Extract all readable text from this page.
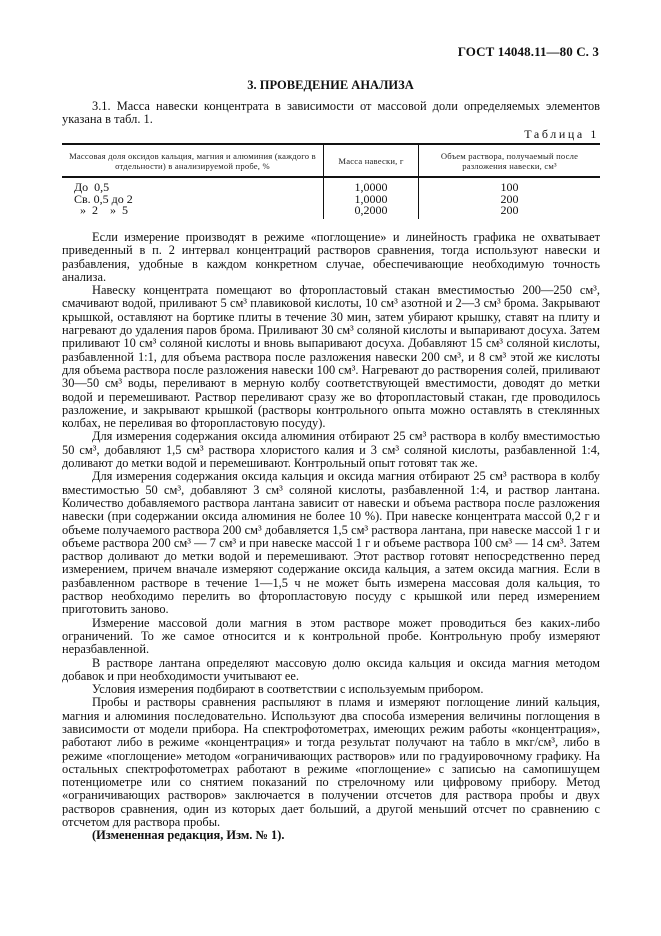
ГОСТ 14048.11—80 С. 3
3. ПРОВЕДЕНИЕ АНАЛИЗА

3.1. Масса навески концентрата в зависимости от массовой доли определяемых элементов указана в табл. 1.

Таблица 1
Массовая доля оксидов кальция, магния и алюминия (каждого в отдельности) в анализируемой пробе, %	Масса навески, г	Объем раствора, получаемый после разложения навески, см³
До  0,5	1,0000	100
Св. 0,5 до 2	1,0000	200
»  2    »  5	0,2000	200

Если измерение производят в режиме «поглощение» и линейность графика не охватывает приведенный в п. 2 интервал концентраций растворов сравнения, тогда используют навески и разбавления, удобные в каждом конкретном случае, обеспечивающие необходимую точность анализа.

Навеску концентрата помещают во фторопластовый стакан вместимостью 200—250 см³, смачивают водой, приливают 5 см³ плавиковой кислоты, 10 см³ азотной и 2—3 см³ брома. Закрывают крышкой, оставляют на бортике плиты в течение 30 мин, затем убирают крышку, ставят на плиту и нагревают до удаления паров брома. Приливают 30 см³ соляной кислоты и выпаривают досуха. Затем приливают 10 см³ соляной кислоты и вновь выпаривают досуха. Добавляют 15 см³ соляной кислоты, разбавленной 1:1, для объема раствора после разложения навески 200 см³, и 8 см³ этой же кислоты для объема раствора после разложения навески 100 см³. Нагревают до растворения солей, приливают 30—50 см³ воды, переливают в мерную колбу соответствующей вместимости, доводят до метки водой и перемешивают. Раствор переливают сразу же во фторопластовый стакан, где проводилось разложение, и закрывают крышкой (растворы контрольного опыта можно оставлять в стеклянных колбах, не переливая во фторопластовую посуду).

Для измерения содержания оксида алюминия отбирают 25 см³ раствора в колбу вместимостью 50 см³, добавляют 1,5 см³ раствора хлористого калия и 3 см³ соляной кислоты, разбавленной 1:4, доливают до метки водой и перемешивают. Контрольный опыт готовят так же.

Для измерения содержания оксида кальция и оксида магния отбирают 25 см³ раствора в колбу вместимостью 50 см³, добавляют 3 см³ соляной кислоты, разбавленной 1:4, и раствор лантана. Количество добавляемого раствора лантана зависит от навески и объема раствора после разложения навески (при содержании оксида алюминия не более 10 %). При навеске концентрата массой 0,2 г и объеме получаемого раствора 200 см³ добавляется 1,5 см³ раствора лантана, при навеске массой 1 г и объеме раствора 200 см³ — 7 см³ и при навеске массой 1 г и объеме раствора 100 см³ — 14 см³. Затем раствор доливают до метки водой и перемешивают. Этот раствор готовят непосредственно перед измерением, причем вначале измеряют содержание оксида кальция, а затем оксида магния. Если в разбавленном растворе в течение 1—1,5 ч не может быть измерена массовая доля кальция, то раствор необходимо перелить во фторопластовую посуду с крышкой или перед измерением приготовить заново.

Измерение массовой доли магния в этом растворе может проводиться без каких-либо ограничений. То же самое относится и к контрольной пробе. Контрольную пробу измеряют неразбавленной.

В растворе лантана определяют массовую долю оксида кальция и оксида магния методом добавок и при необходимости учитывают ее.

Условия измерения подбирают в соответствии с используемым прибором.

Пробы и растворы сравнения распыляют в пламя и измеряют поглощение линий кальция, магния и алюминия последовательно. Используют два способа измерения величины поглощения в зависимости от модели прибора. На спектрофотометрах, имеющих режим работы «концентрация», работают либо в режиме «концентрация» и тогда результат получают на табло в мкг/см³, либо в режиме «поглощение» методом «ограничивающих растворов» или по градуировочному графику. На остальных спектрофотометрах работают в режиме «поглощение» с записью на самопишущем потенциометре или со снятием показаний по стрелочному или цифровому прибору. Метод «ограничивающих растворов» заключается в получении отсчетов для раствора пробы и двух растворов сравнения, один из которых дает больший, а другой меньший отсчет по сравнению с отсчетом для раствора пробы.

(Измененная редакция, Изм. № 1).
